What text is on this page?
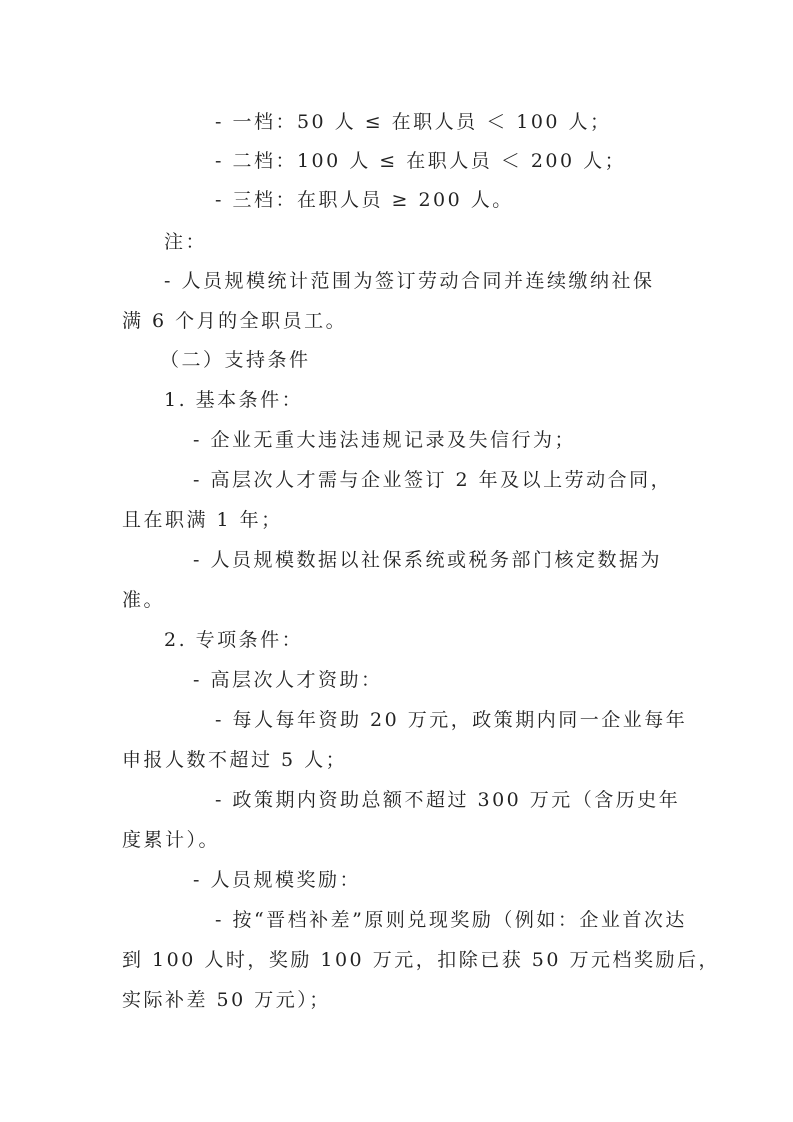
- 一档：50 人 ≤ 在职人员 ＜ 100 人；

- 二档：100 人 ≤ 在职人员 ＜ 200 人；

- 三档：在职人员 ≥ 200 人。

注：

- 人员规模统计范围为签订劳动合同并连续缴纳社保

满 6 个月的全职员工。

（二）支持条件

1. 基本条件：

- 企业无重大违法违规记录及失信行为；

- 高层次人才需与企业签订 2 年及以上劳动合同，

且在职满 1 年；

- 人员规模数据以社保系统或税务部门核定数据为

准。

2. 专项条件：

- 高层次人才资助：

- 每人每年资助 20 万元，政策期内同一企业每年

申报人数不超过 5 人；

- 政策期内资助总额不超过 300 万元（含历史年

度累计）。

- 人员规模奖励：

- 按“晋档补差”原则兑现奖励（例如：企业首次达

到 100 人时，奖励 100 万元，扣除已获 50 万元档奖励后，

实际补差 50 万元）；
